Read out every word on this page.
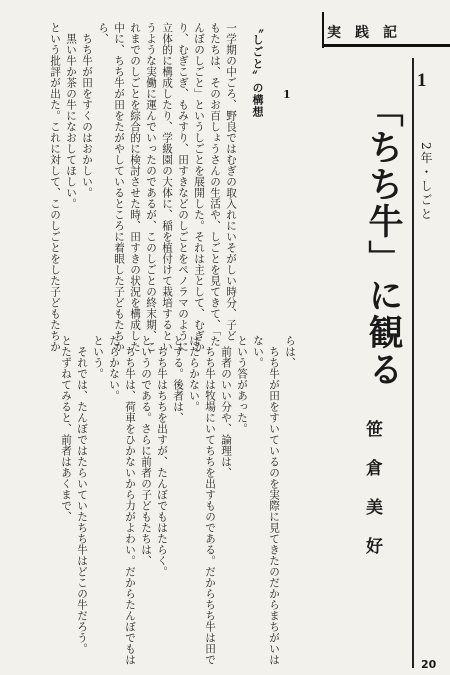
実践記
1
2年・しごと
「ちち牛」に観る
笹倉美好
〝しごと〟の構想 1
一学期の中ごろ、野良ではむぎの取入れにいそがしい時分、子ど
もたちは、そのお百しょうさんの生活や、しごとを見てきて、「た
んぼのしごと」というしごとを展開した。それは主として、むぎか
り、むぎこぎ、もみすり、田すきなどのしごとをペノラマのように
立体的に構成したり、学級園の大体に、稲を植付けて栽培するとい
うような実働に運んでいったのであるが、このしごとの終末期、こ
れまでのしごとを綜合的に検討させた時、田すきの状況を構成した
中に、ちち牛が田をたがやしているところに着眼した子どもたちか
ら、
　ちち牛が田をすくのはおかしい。
　黒い牛か茶の牛になおしてほしい。
という批評が出た。これに対して、このしごとをした子どもたちか	らは、
　ちち牛が田をすいているのを実際に見てきたのだからまちがいは
ない。
という答があった。
　前者のいい分や、論理は、
　ちち牛は牧場にいてちちを出すものである。だからちち牛は田で
はたらかない。
とする。後者は、
　ちち牛はちちを出すが、たんぼでもはたらく。
というのである。さらに前者の子どもたちは、
　ちち牛は、荷車をひかないから力がよわい。だからたんぼでもは
たらかない。
という。
　それでは、たんぼではたらいていたちち牛はどこの牛だろう。
とたずねてみると、前者はあくまで、
20
